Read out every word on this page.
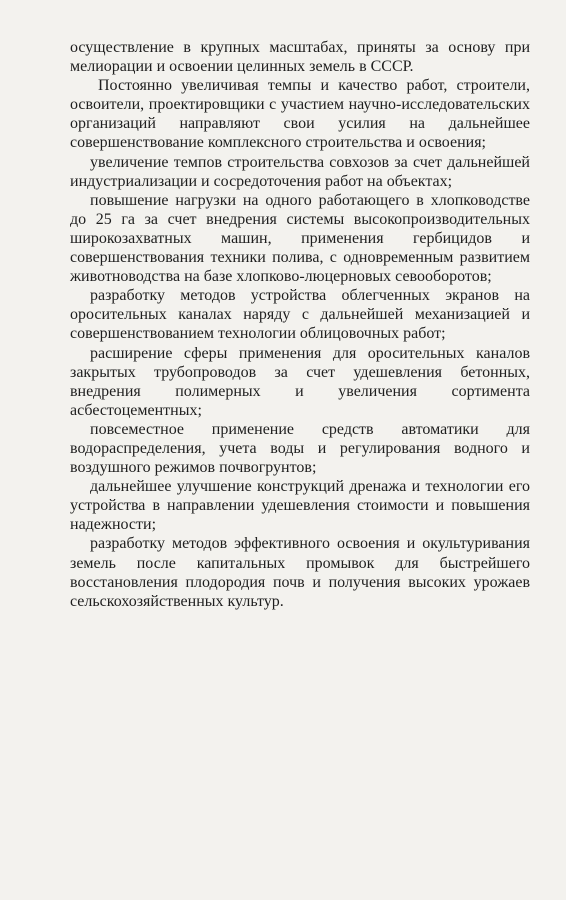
осуществление в крупных масштабах, приняты за основу при мелиорации и освоении целинных земель в СССР.

Постоянно увеличивая темпы и качество работ, строители, освоители, проектировщики с участием научно-исследовательских организаций направляют свои усилия на дальнейшее совершенствование комплексного строительства и освоения;

увеличение темпов строительства совхозов за счет дальнейшей индустриализации и сосредоточения работ на объектах;

повышение нагрузки на одного работающего в хлопководстве до 25 га за счет внедрения системы высокопроизводительных широкозахватных машин, применения гербицидов и совершенствования техники полива, с одновременным развитием животноводства на базе хлопково-люцерновых севооборотов;

разработку методов устройства облегченных экранов на оросительных каналах наряду с дальнейшей механизацией и совершенствованием технологии облицовочных работ;

расширение сферы применения для оросительных каналов закрытых трубопроводов за счет удешевления бетонных, внедрения полимерных и увеличения сортимента асбестоцементных;

повсеместное применение средств автоматики для водораспределения, учета воды и регулирования водного и воздушного режимов почвогрунтов;

дальнейшее улучшение конструкций дренажа и технологии его устройства в направлении удешевления стоимости и повышения надежности;

разработку методов эффективного освоения и окультуривания земель после капитальных промывок для быстрейшего восстановления плодородия почв и получения высоких урожаев сельскохозяйственных культур.
